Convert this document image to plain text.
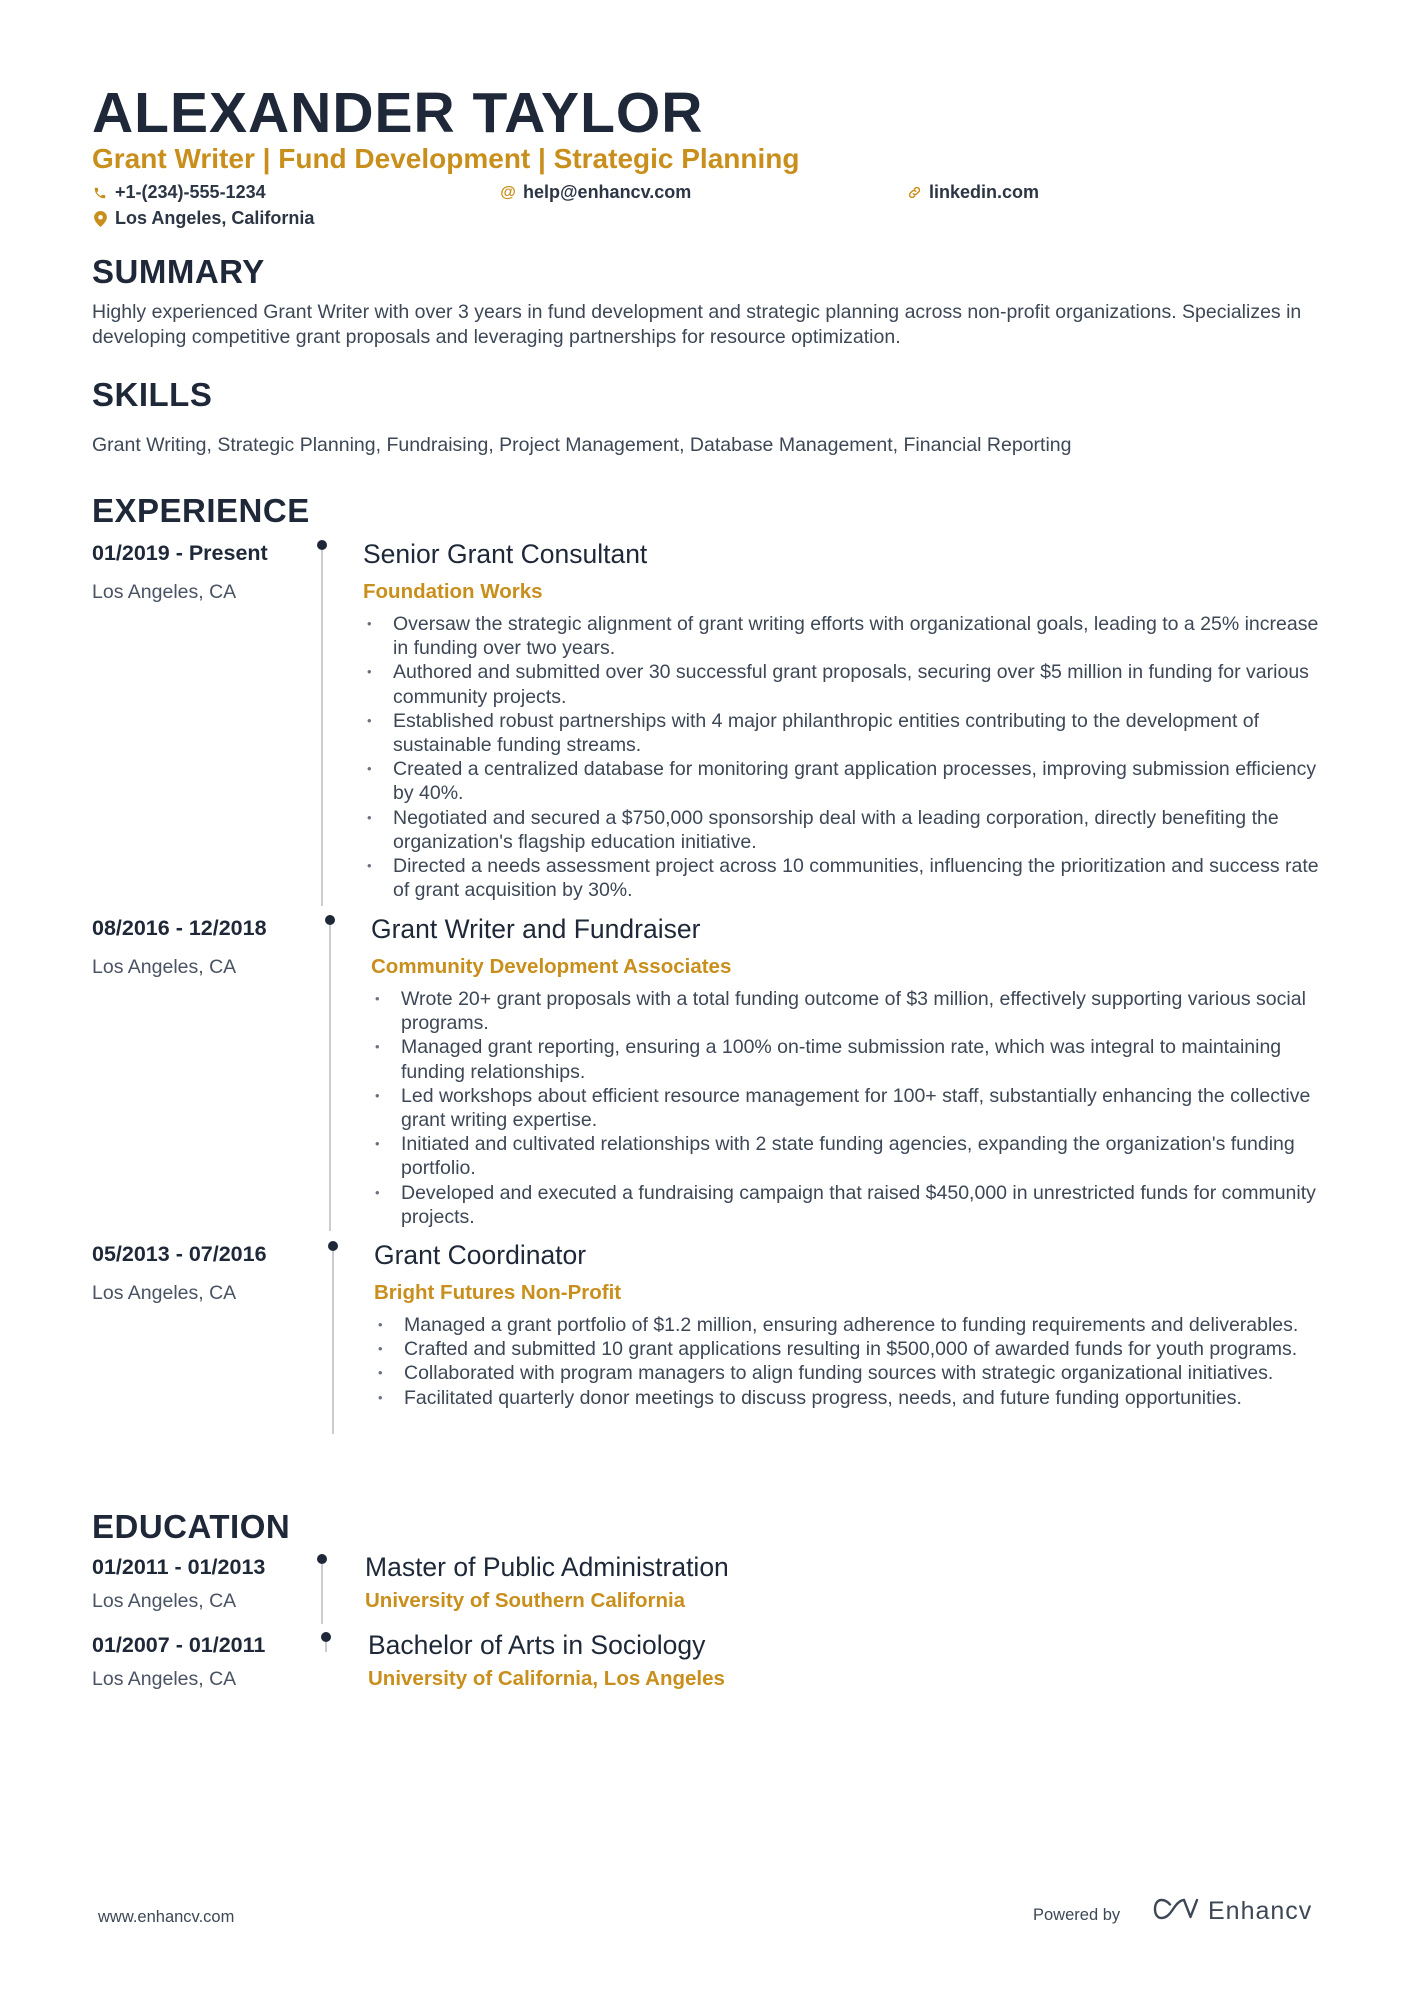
ALEXANDER TAYLOR
Grant Writer | Fund Development | Strategic Planning
+1-(234)-555-1234	@ help@enhancv.com	linkedin.com
Los Angeles, California
SUMMARY
Highly experienced Grant Writer with over 3 years in fund development and strategic planning across non-profit organizations. Specializes in developing competitive grant proposals and leveraging partnerships for resource optimization.
SKILLS
Grant Writing, Strategic Planning, Fundraising, Project Management, Database Management, Financial Reporting
EXPERIENCE
01/2019 - Present
Los Angeles, CA
Senior Grant Consultant
Foundation Works
• Oversaw the strategic alignment of grant writing efforts with organizational goals, leading to a 25% increase in funding over two years.
• Authored and submitted over 30 successful grant proposals, securing over $5 million in funding for various community projects.
• Established robust partnerships with 4 major philanthropic entities contributing to the development of sustainable funding streams.
• Created a centralized database for monitoring grant application processes, improving submission efficiency by 40%.
• Negotiated and secured a $750,000 sponsorship deal with a leading corporation, directly benefiting the organization's flagship education initiative.
• Directed a needs assessment project across 10 communities, influencing the prioritization and success rate of grant acquisition by 30%.
08/2016 - 12/2018
Los Angeles, CA
Grant Writer and Fundraiser
Community Development Associates
• Wrote 20+ grant proposals with a total funding outcome of $3 million, effectively supporting various social programs.
• Managed grant reporting, ensuring a 100% on-time submission rate, which was integral to maintaining funding relationships.
• Led workshops about efficient resource management for 100+ staff, substantially enhancing the collective grant writing expertise.
• Initiated and cultivated relationships with 2 state funding agencies, expanding the organization's funding portfolio.
• Developed and executed a fundraising campaign that raised $450,000 in unrestricted funds for community projects.
05/2013 - 07/2016
Los Angeles, CA
Grant Coordinator
Bright Futures Non-Profit
• Managed a grant portfolio of $1.2 million, ensuring adherence to funding requirements and deliverables.
• Crafted and submitted 10 grant applications resulting in $500,000 of awarded funds for youth programs.
• Collaborated with program managers to align funding sources with strategic organizational initiatives.
• Facilitated quarterly donor meetings to discuss progress, needs, and future funding opportunities.
EDUCATION
01/2011 - 01/2013
Los Angeles, CA
Master of Public Administration
University of Southern California
01/2007 - 01/2011
Los Angeles, CA
Bachelor of Arts in Sociology
University of California, Los Angeles
www.enhancv.com	Powered by	Enhancv
